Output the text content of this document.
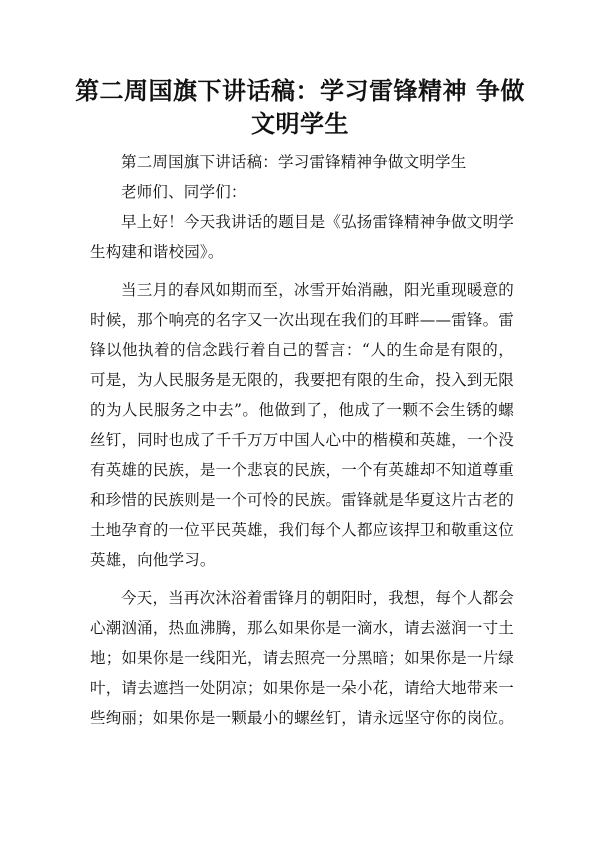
第二周国旗下讲话稿：学习雷锋精神 争做文明学生

第二周国旗下讲话稿：学习雷锋精神争做文明学生

老师们、同学们：

早上好！今天我讲话的题目是《弘扬雷锋精神争做文明学生构建和谐校园》。

当三月的春风如期而至，冰雪开始消融，阳光重现暖意的时候，那个响亮的名字又一次出现在我们的耳畔——雷锋。雷锋以他执着的信念践行着自己的誓言：“人的生命是有限的，可是，为人民服务是无限的，我要把有限的生命，投入到无限的为人民服务之中去”。他做到了，他成了一颗不会生锈的螺丝钉，同时也成了千千万万中国人心中的楷模和英雄，一个没有英雄的民族，是一个悲哀的民族，一个有英雄却不知道尊重和珍惜的民族则是一个可怜的民族。雷锋就是华夏这片古老的土地孕育的一位平民英雄，我们每个人都应该捍卫和敬重这位英雄，向他学习。

今天，当再次沐浴着雷锋月的朝阳时，我想，每个人都会心潮汹涌，热血沸腾，那么如果你是一滴水，请去滋润一寸土地；如果你是一线阳光，请去照亮一分黑暗；如果你是一片绿叶，请去遮挡一处阴凉；如果你是一朵小花，请给大地带来一些绚丽；如果你是一颗最小的螺丝钉，请永远坚守你的岗位。
